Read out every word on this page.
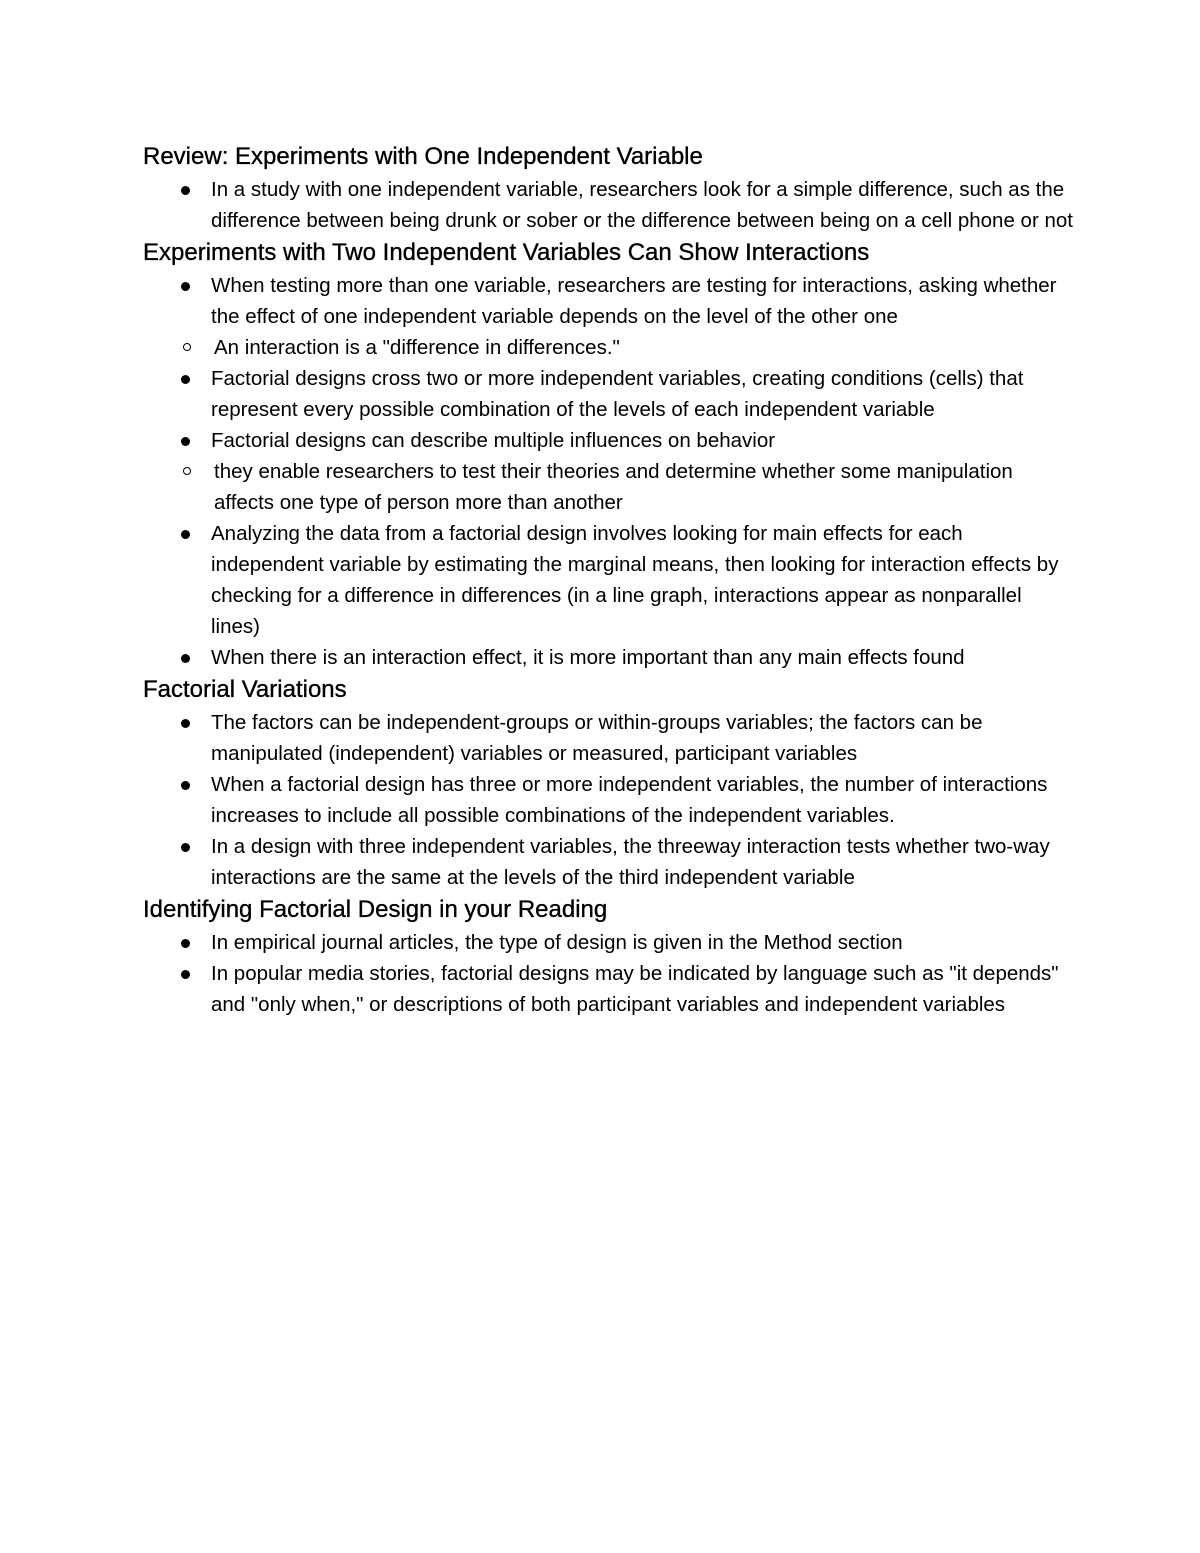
Review: Experiments with One Independent Variable
In a study with one independent variable, researchers look for a simple difference, such as the difference between being drunk or sober or the difference between being on a cell phone or not
Experiments with Two Independent Variables Can Show Interactions
When testing more than one variable, researchers are testing for interactions, asking whether the effect of one independent variable depends on the level of the other one
An interaction is a "difference in differences."
Factorial designs cross two or more independent variables, creating conditions (cells) that represent every possible combination of the levels of each independent variable
Factorial designs can describe multiple influences on behavior
they enable researchers to test their theories and determine whether some manipulation affects one type of person more than another
Analyzing the data from a factorial design involves looking for main effects for each independent variable by estimating the marginal means, then looking for interaction effects by checking for a difference in differences (in a line graph, interactions appear as nonparallel lines)
When there is an interaction effect, it is more important than any main effects found
Factorial Variations
The factors can be independent-groups or within-groups variables; the factors can be manipulated (independent) variables or measured, participant variables
When a factorial design has three or more independent variables, the number of interactions increases to include all possible combinations of the independent variables.
In a design with three independent variables, the threeway interaction tests whether two-way interactions are the same at the levels of the third independent variable
Identifying Factorial Design in your Reading
In empirical journal articles, the type of design is given in the Method section
In popular media stories, factorial designs may be indicated by language such as "it depends" and "only when," or descriptions of both participant variables and independent variables
